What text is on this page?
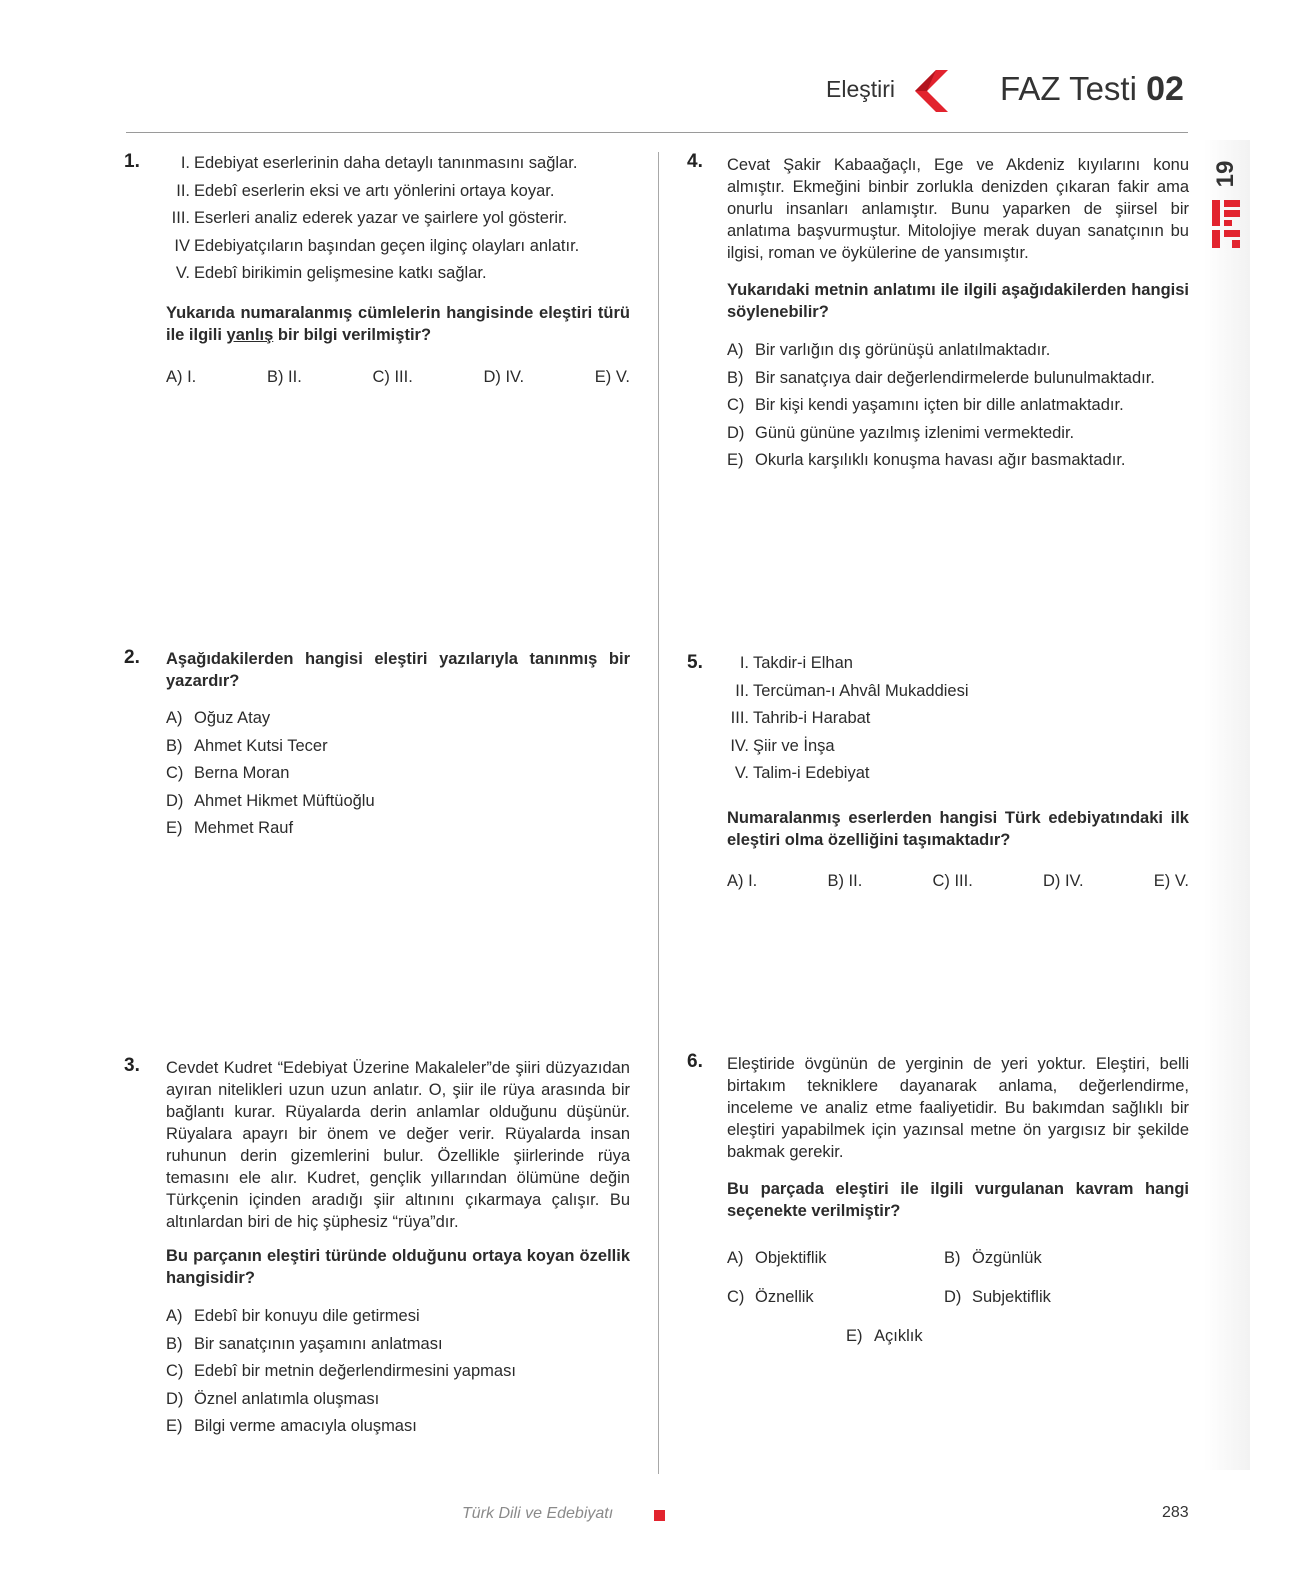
Eleştiri	FAZ Testi 02
19
1.	I. Edebiyat eserlerinin daha detaylı tanınmasını sağlar.
II. Edebî eserlerin eksi ve artı yönlerini ortaya koyar.
III. Eserleri analiz ederek yazar ve şairlere yol gösterir.
IV Edebiyatçıların başından geçen ilginç olayları anlatır.
V. Edebî birikimin gelişmesine katkı sağlar.
Yukarıda numaralanmış cümlelerin hangisinde eleştiri türü ile ilgili yanlış bir bilgi verilmiştir?
A) I.	B) II.	C) III.	D) IV.	E) V.
2. Aşağıdakilerden hangisi eleştiri yazılarıyla tanınmış bir yazardır?
A) Oğuz Atay
B) Ahmet Kutsi Tecer
C) Berna Moran
D) Ahmet Hikmet Müftüoğlu
E) Mehmet Rauf
3. Cevdet Kudret “Edebiyat Üzerine Makaleler”de şiiri düzyazıdan ayıran nitelikleri uzun uzun anlatır. O, şiir ile rüya arasında bir bağlantı kurar. Rüyalarda derin anlamlar olduğunu düşünür. Rüyalara apayrı bir önem ve değer verir. Rüyalarda insan ruhunun derin gizemlerini bulur. Özellikle şiirlerinde rüya temasını ele alır. Kudret, gençlik yıllarından ölümüne değin Türkçenin içinden aradığı şiir altınını çıkarmaya çalışır. Bu altınlardan biri de hiç şüphesiz “rüya”dır.
Bu parçanın eleştiri türünde olduğunu ortaya koyan özellik hangisidir?
A) Edebî bir konuyu dile getirmesi
B) Bir sanatçının yaşamını anlatması
C) Edebî bir metnin değerlendirmesini yapması
D) Öznel anlatımla oluşması
E) Bilgi verme amacıyla oluşması
4. Cevat Şakir Kabaağaçlı, Ege ve Akdeniz kıyılarını konu almıştır. Ekmeğini binbir zorlukla denizden çıkaran fakir ama onurlu insanları anlamıştır. Bunu yaparken de şiirsel bir anlatıma başvurmuştur. Mitolojiye merak duyan sanatçının bu ilgisi, roman ve öykülerine de yansımıştır.
Yukarıdaki metnin anlatımı ile ilgili aşağıdakilerden hangisi söylenebilir?
A) Bir varlığın dış görünüşü anlatılmaktadır.
B) Bir sanatçıya dair değerlendirmelerde bulunulmaktadır.
C) Bir kişi kendi yaşamını içten bir dille anlatmaktadır.
D) Günü gününe yazılmış izlenimi vermektedir.
E) Okurla karşılıklı konuşma havası ağır basmaktadır.
5.	I. Takdir-i Elhan
II. Tercüman-ı Ahvâl Mukaddiesi
III. Tahrib-i Harabat
IV. Şiir ve İnşa
V. Talim-i Edebiyat
Numaralanmış eserlerden hangisi Türk edebiyatındaki ilk eleştiri olma özelliğini taşımaktadır?
A) I.	B) II.	C) III.	D) IV.	E) V.
6. Eleştiride övgünün de yerginin de yeri yoktur. Eleştiri, belli birtakım tekniklere dayanarak anlama, değerlendirme, inceleme ve analiz etme faaliyetidir. Bu bakımdan sağlıklı bir eleştiri yapabilmek için yazınsal metne ön yargısız bir şekilde bakmak gerekir.
Bu parçada eleştiri ile ilgili vurgulanan kavram hangi seçenekte verilmiştir?
A) Objektiflik	B) Özgünlük
C) Öznellik	D) Subjektiflik
E) Açıklık
Türk Dili ve Edebiyatı	283
